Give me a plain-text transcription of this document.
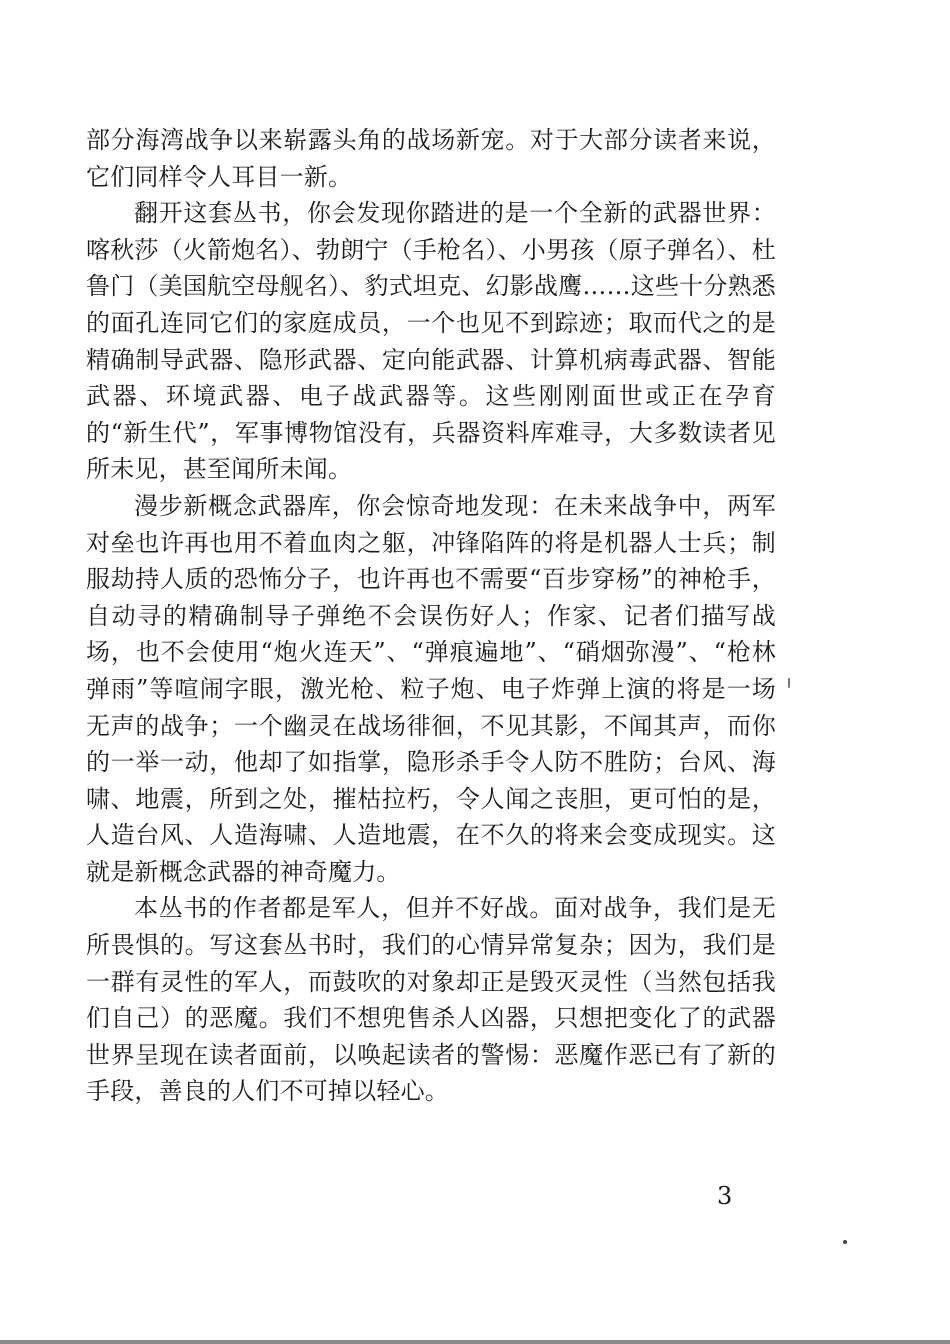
部分海湾战争以来崭露头角的战场新宠。对于大部分读者来说，它们同样令人耳目一新。

翻开这套丛书，你会发现你踏进的是一个全新的武器世界：喀秋莎（火箭炮名）、勃朗宁（手枪名）、小男孩（原子弹名）、杜鲁门（美国航空母舰名）、豹式坦克、幻影战鹰……这些十分熟悉的面孔连同它们的家庭成员，一个也见不到踪迹；取而代之的是精确制导武器、隐形武器、定向能武器、计算机病毒武器、智能武器、环境武器、电子战武器等。这些刚刚面世或正在孕育的“新生代”，军事博物馆没有，兵器资料库难寻，大多数读者见所未见，甚至闻所未闻。

漫步新概念武器库，你会惊奇地发现：在未来战争中，两军对垒也许再也用不着血肉之躯，冲锋陷阵的将是机器人士兵；制服劫持人质的恐怖分子，也许再也不需要“百步穿杨”的神枪手，自动寻的精确制导子弹绝不会误伤好人；作家、记者们描写战场，也不会使用“炮火连天”、“弹痕遍地”、“硝烟弥漫”、“枪林弹雨”等喧闹字眼，激光枪、粒子炮、电子炸弹上演的将是一场无声的战争；一个幽灵在战场徘徊，不见其影，不闻其声，而你的一举一动，他却了如指掌，隐形杀手令人防不胜防；台风、海啸、地震，所到之处，摧枯拉朽，令人闻之丧胆，更可怕的是，人造台风、人造海啸、人造地震，在不久的将来会变成现实。这就是新概念武器的神奇魔力。

本丛书的作者都是军人，但并不好战。面对战争，我们是无所畏惧的。写这套丛书时，我们的心情异常复杂；因为，我们是一群有灵性的军人，而鼓吹的对象却正是毁灭灵性（当然包括我们自己）的恶魔。我们不想兜售杀人凶器，只想把变化了的武器世界呈现在读者面前，以唤起读者的警惕：恶魔作恶已有了新的手段，善良的人们不可掉以轻心。

3
